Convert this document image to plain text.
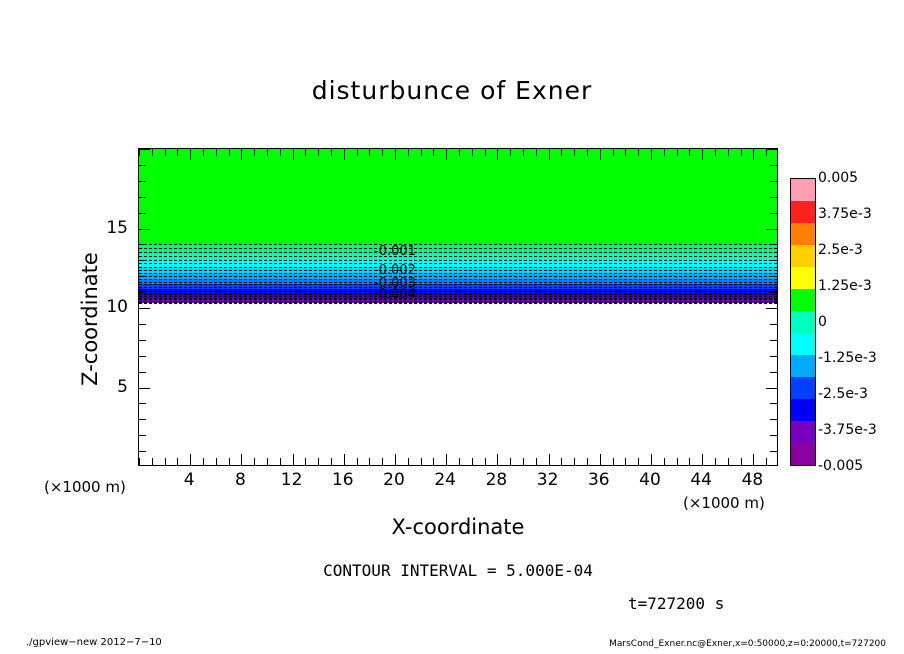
disturbunce of Exner
-0.001
-0.002
-0.003
-0.004
4 8 12 16 20 24 28 32 36 40 44 48
5
10
15
X-coordinate
Z-coordinate
(×1000 m)
(×1000 m)
CONTOUR INTERVAL = 5.000E-04
t=727200 s
./gpview−new 2012−7−10	MarsCond_Exner.nc@Exner,x=0:50000,z=0:20000,t=727200
0.005
3.75e-3
2.5e-3
1.25e-3
0
-1.25e-3
-2.5e-3
-3.75e-3
-0.005
